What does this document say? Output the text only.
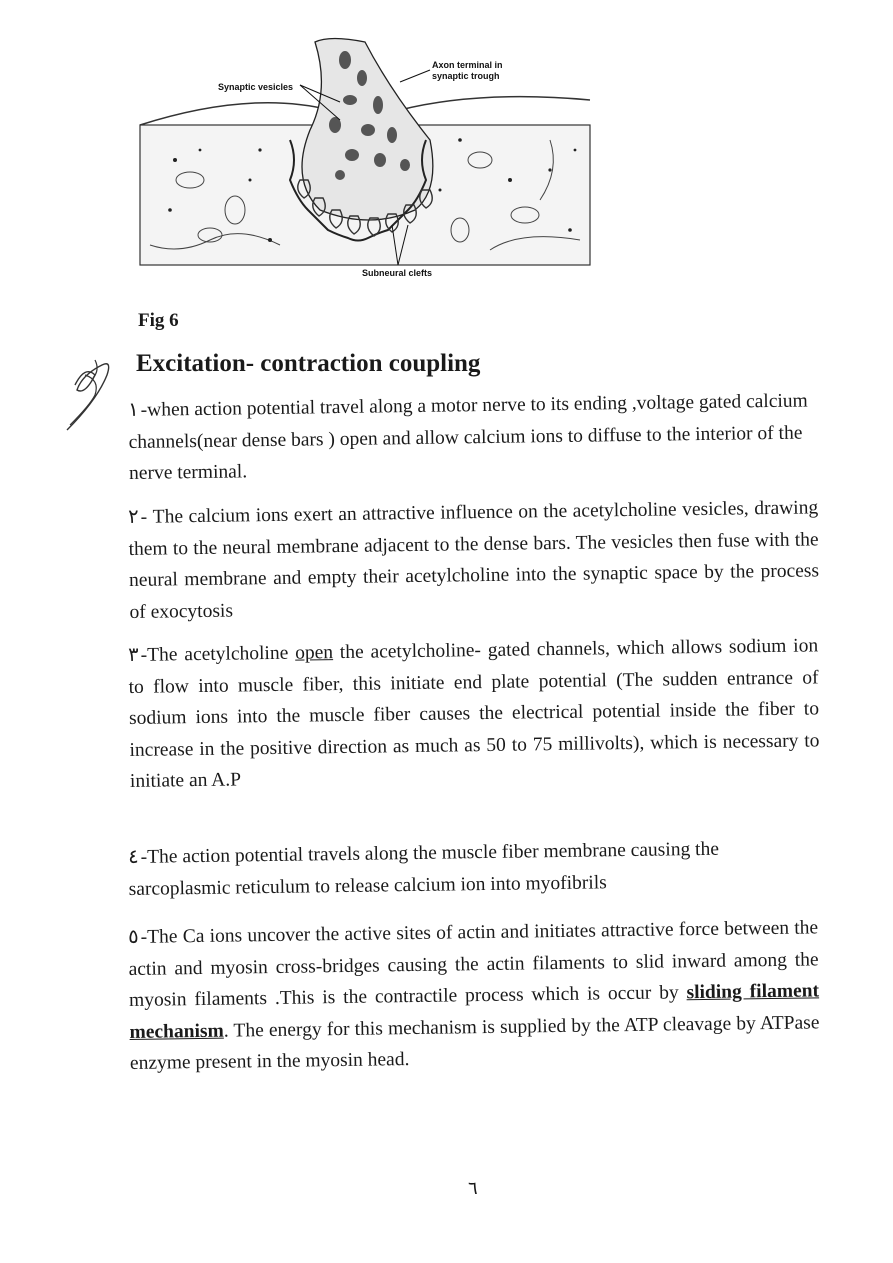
Synaptic vesicles
Axon terminal in
synaptic trough
Subneural clefts
Fig 6
Excitation- contraction coupling

١-when action potential travel along a motor nerve to its ending ,voltage gated calcium channels(near dense bars ) open and allow calcium ions to diffuse to the interior of the nerve terminal.

٢- The calcium ions exert an attractive influence on the acetylcholine vesicles, drawing them to the neural membrane adjacent to the dense bars. The vesicles then fuse with the neural membrane and empty their acetylcholine into the synaptic space by the process of exocytosis

٣-The acetylcholine open the acetylcholine- gated channels, which allows sodium ion to flow into muscle fiber, this initiate end plate potential (The sudden entrance of sodium ions into the muscle fiber causes the electrical potential inside the fiber to increase in the positive direction as much as 50 to 75 millivolts), which is necessary to initiate an A.P

٤-The action potential travels along the muscle fiber membrane causing the sarcoplasmic reticulum to release calcium ion into myofibrils

٥-The Ca ions uncover the active sites of actin and initiates attractive force between the actin and myosin cross-bridges causing the actin filaments to slid inward among the myosin filaments .This is the contractile process which is occur by sliding filament mechanism. The energy for this mechanism is supplied by the ATP cleavage by ATPase enzyme present in the myosin head.

٦
